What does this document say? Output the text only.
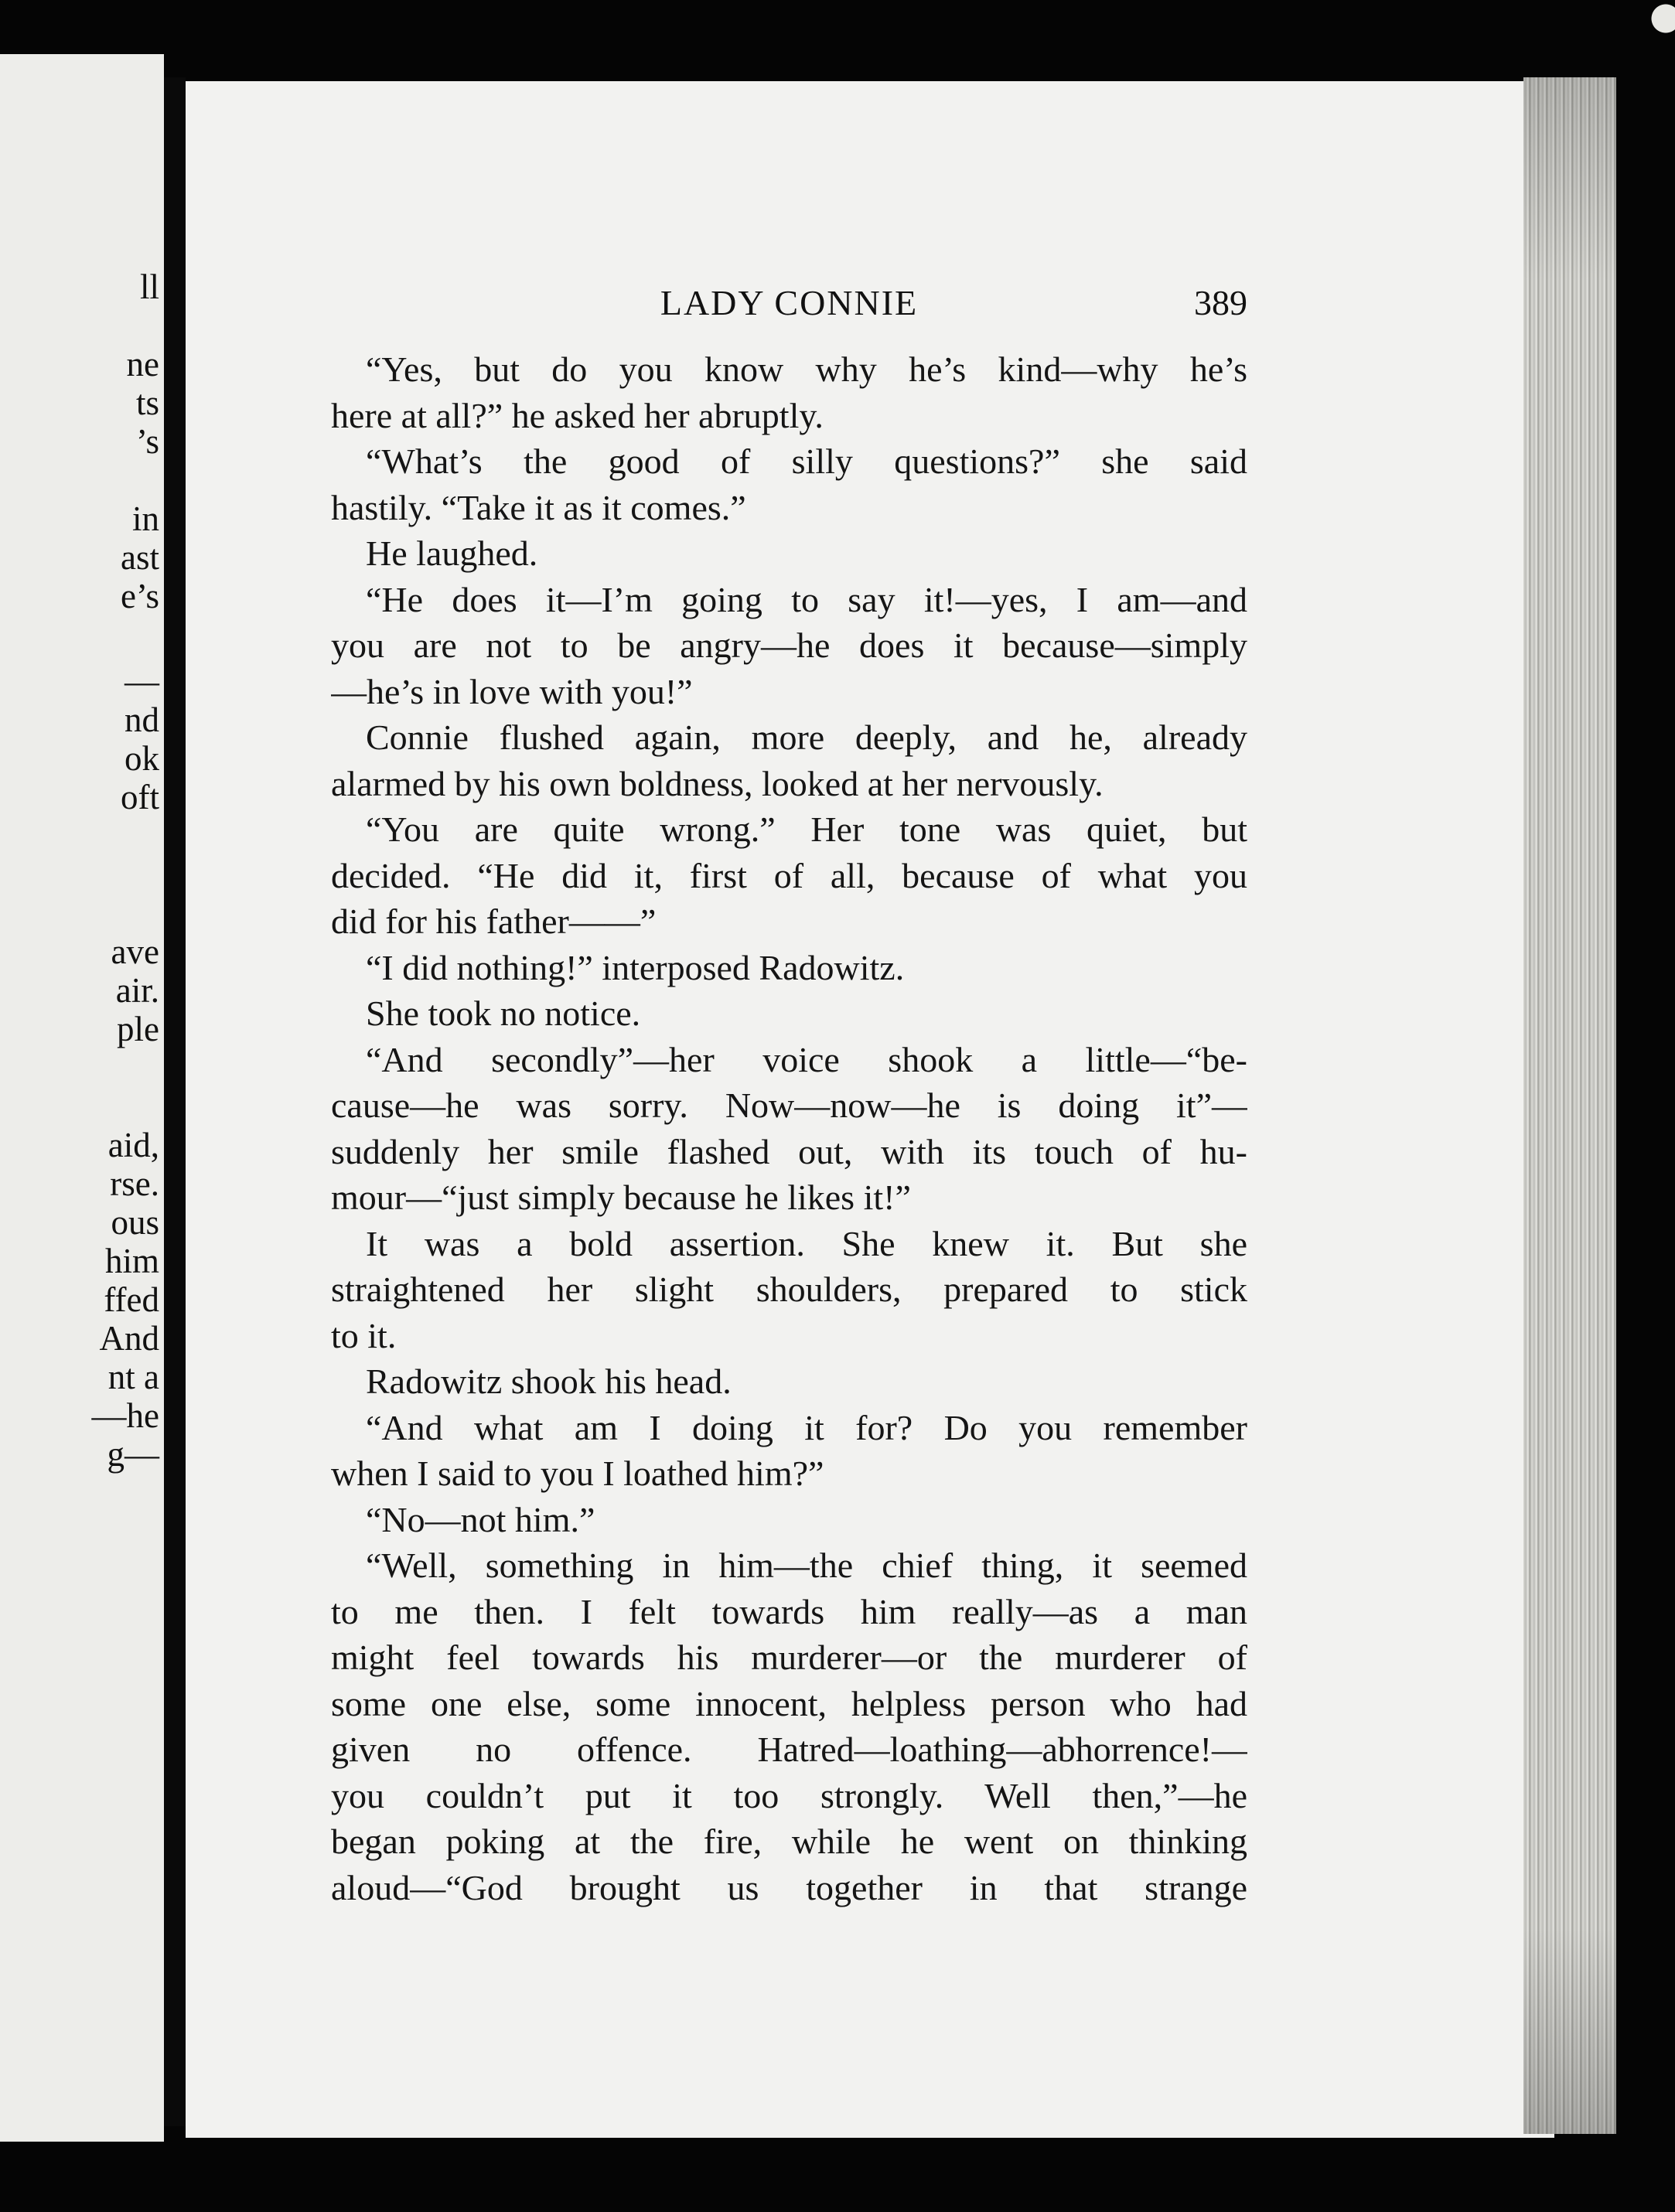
ll
ne
ts
’s
in
ast
e’s
—
nd
ok
oft
ave
air.
ple
aid,
rse.
ous
him
ffed
And
nt a
—he
g—
LADY CONNIE	389
“Yes, but do you know why he’s kind—why he’s
here at all?” he asked her abruptly.
“What’s the good of silly questions?” she said
hastily. “Take it as it comes.”
He laughed.
“He does it—I’m going to say it!—yes, I am—and
you are not to be angry—he does it because—simply
—he’s in love with you!”
Connie flushed again, more deeply, and he, already
alarmed by his own boldness, looked at her nervously.
“You are quite wrong.” Her tone was quiet, but
decided. “He did it, first of all, because of what you
did for his father——”
“I did nothing!” interposed Radowitz.
She took no notice.
“And secondly”—her voice shook a little—“be-
cause—he was sorry. Now—now—he is doing it”—
suddenly her smile flashed out, with its touch of hu-
mour—“just simply because he likes it!”
It was a bold assertion. She knew it. But she
straightened her slight shoulders, prepared to stick
to it.
Radowitz shook his head.
“And what am I doing it for? Do you remember
when I said to you I loathed him?”
“No—not him.”
“Well, something in him—the chief thing, it seemed
to me then. I felt towards him really—as a man
might feel towards his murderer—or the murderer of
some one else, some innocent, helpless person who had
given no offence. Hatred—loathing—abhorrence!—
you couldn’t put it too strongly. Well then,”—he
began poking at the fire, while he went on thinking
aloud—“God brought us together in that strange
